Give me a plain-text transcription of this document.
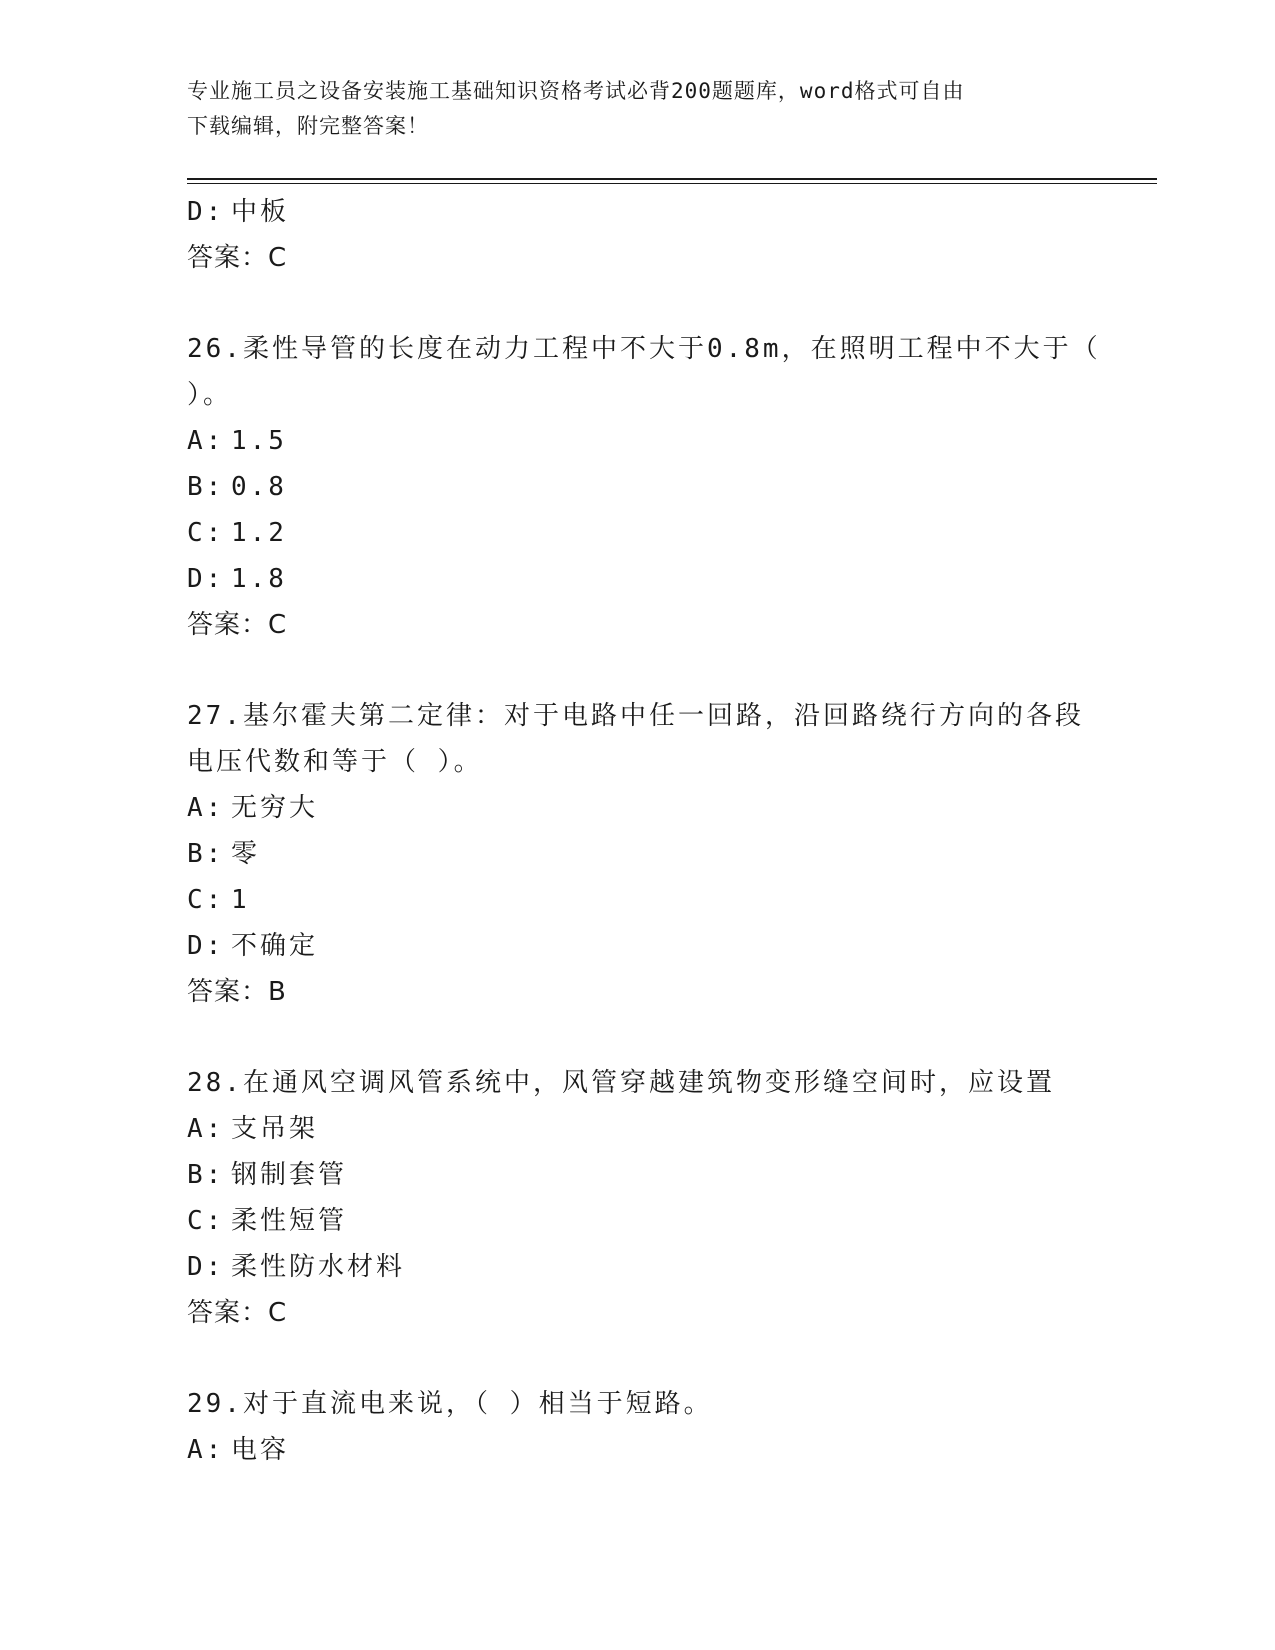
专业施工员之设备安装施工基础知识资格考试必背200题题库，word格式可自由
下载编辑，附完整答案！
D: 中板
答案：C
26.柔性导管的长度在动力工程中不大于0.8m，在照明工程中不大于（
）。
A: 1.5
B: 0.8
C: 1.2
D: 1.8
答案：C
27.基尔霍夫第二定律：对于电路中任一回路，沿回路绕行方向的各段
电压代数和等于（ ）。
A: 无穷大
B: 零
C: 1
D: 不确定
答案：B
28.在通风空调风管系统中，风管穿越建筑物变形缝空间时，应设置
A: 支吊架
B: 钢制套管
C: 柔性短管
D: 柔性防水材料
答案：C
29.对于直流电来说，（ ）相当于短路。
A: 电容
